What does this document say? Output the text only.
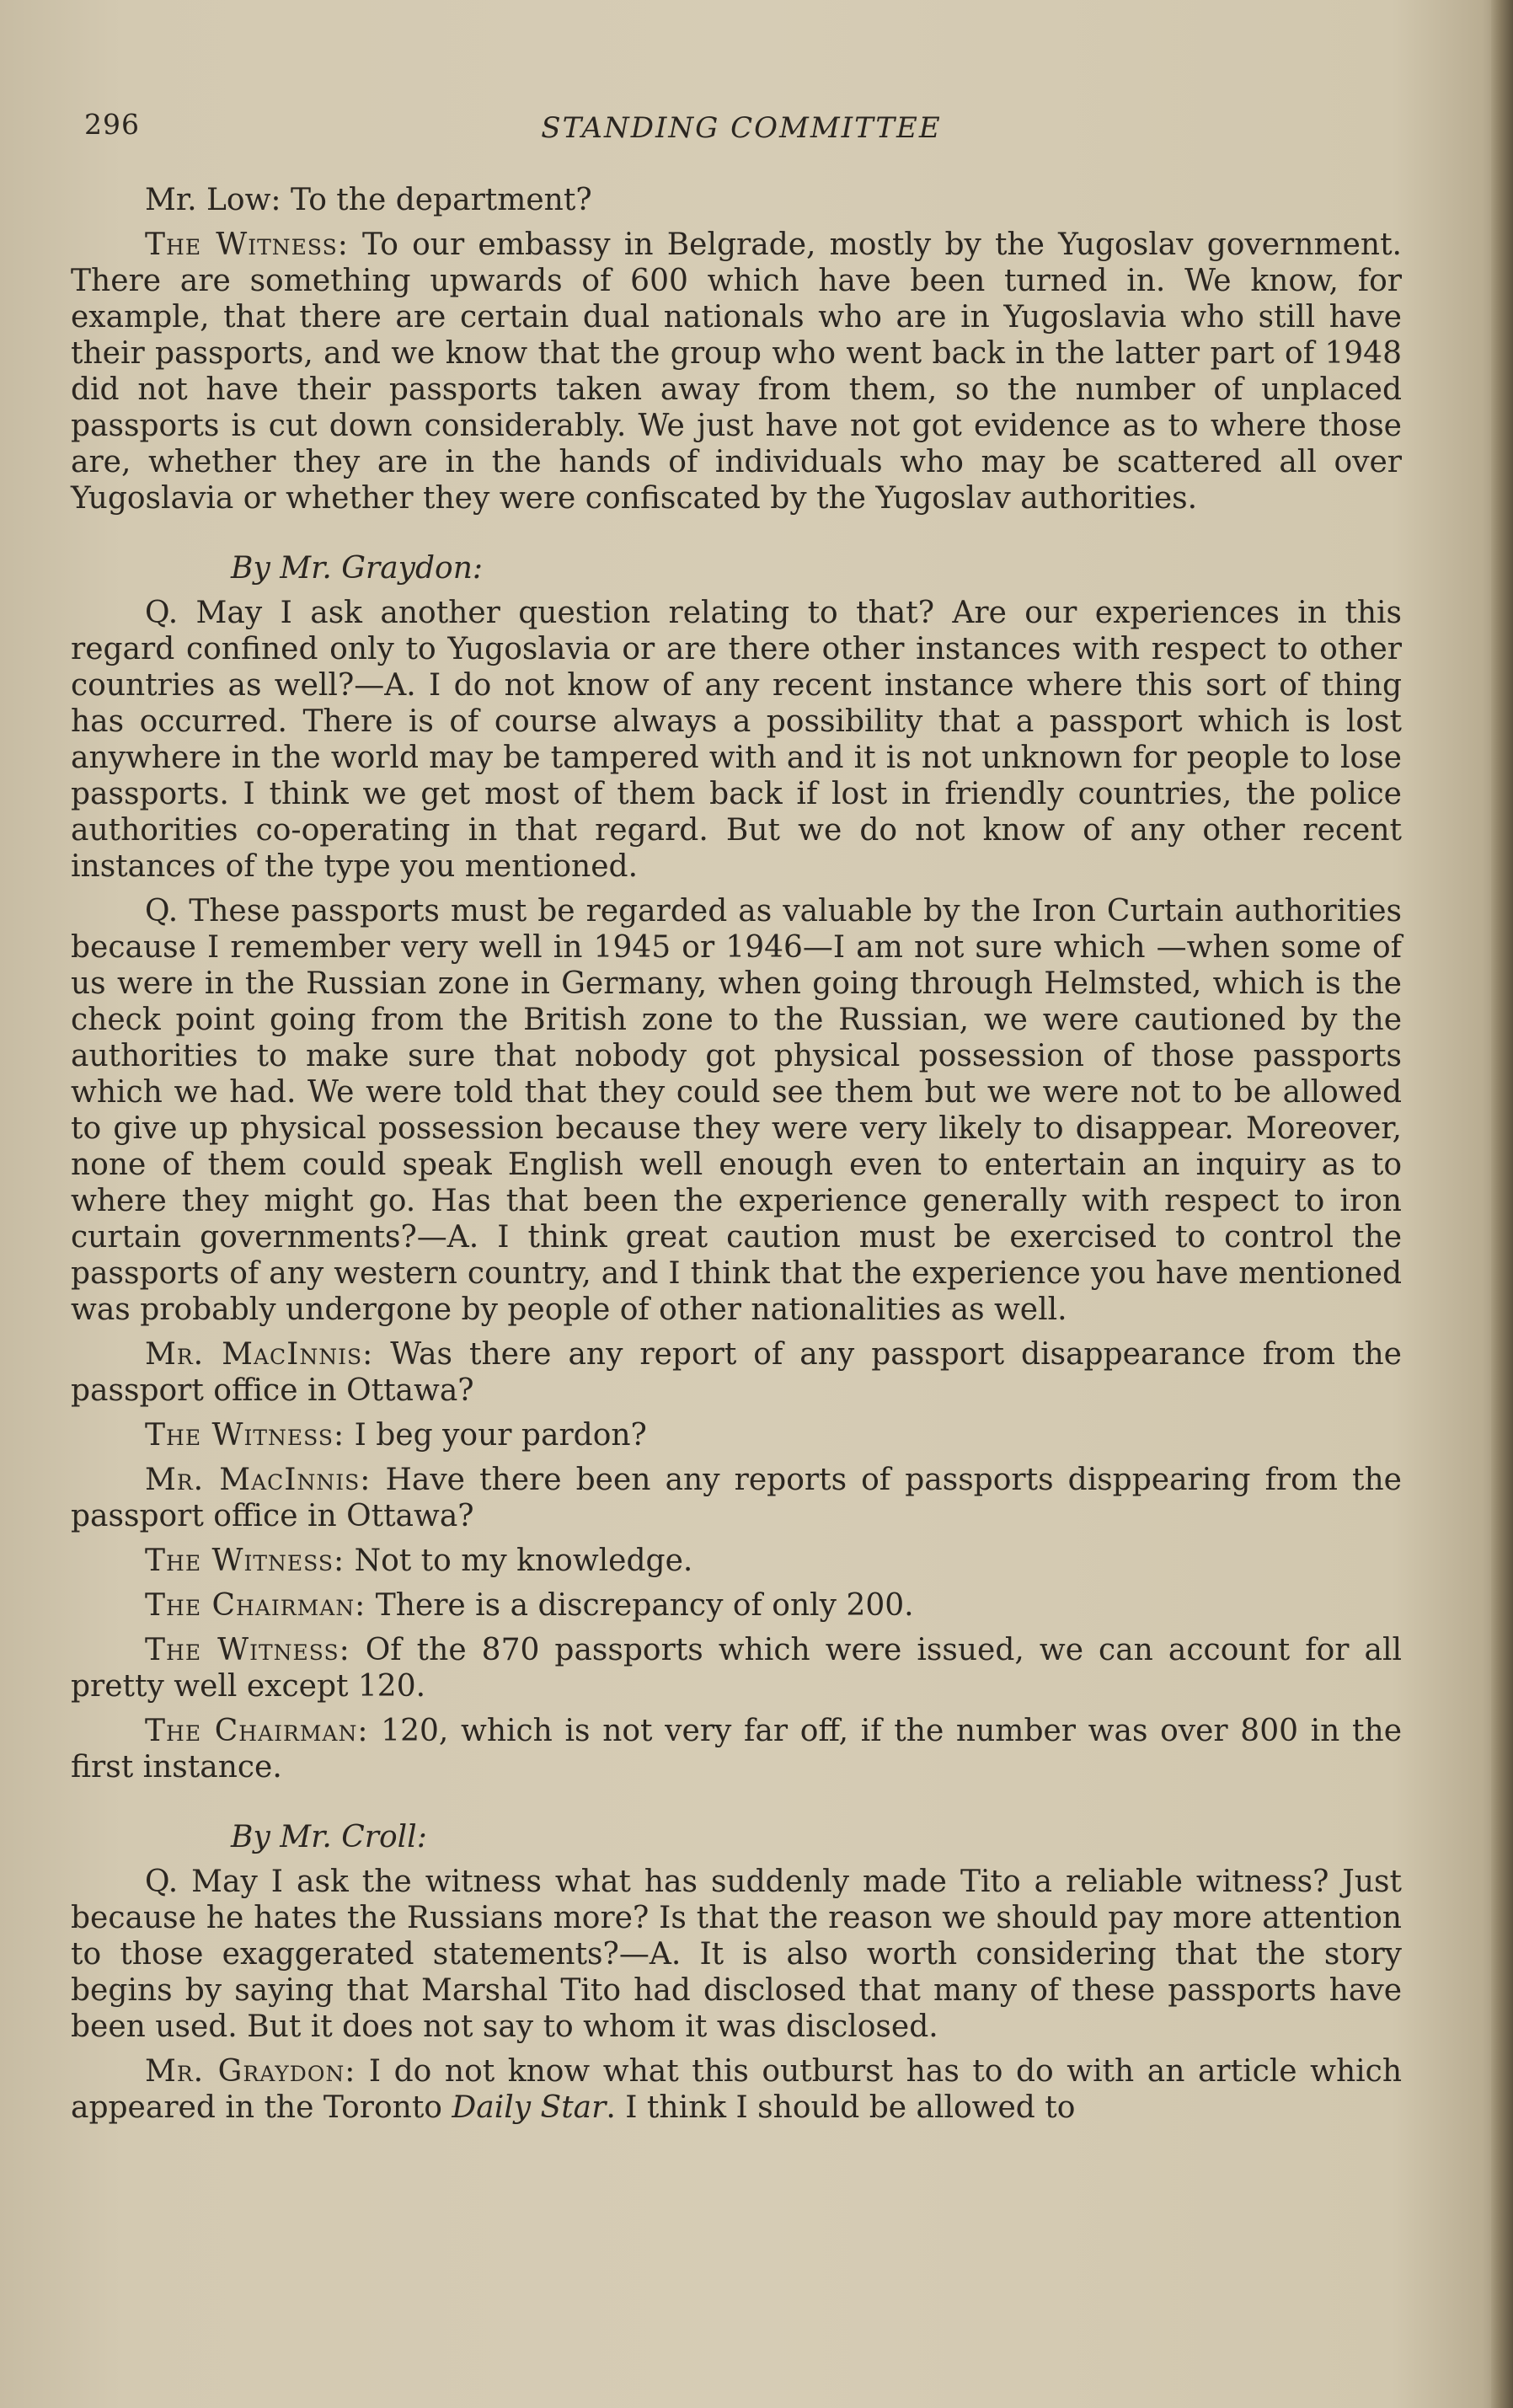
296	STANDING COMMITTEE

Mr. Low: To the department?

The Witness: To our embassy in Belgrade, mostly by the Yugoslav government. There are something upwards of 600 which have been turned in. We know, for example, that there are certain dual nationals who are in Yugoslavia who still have their passports, and we know that the group who went back in the latter part of 1948 did not have their passports taken away from them, so the number of unplaced passports is cut down considerably. We just have not got evidence as to where those are, whether they are in the hands of individuals who may be scattered all over Yugoslavia or whether they were confiscated by the Yugoslav authorities.

By Mr. Graydon:

Q. May I ask another question relating to that? Are our experiences in this regard confined only to Yugoslavia or are there other instances with respect to other countries as well?—A. I do not know of any recent instance where this sort of thing has occurred. There is of course always a possibility that a passport which is lost anywhere in the world may be tampered with and it is not unknown for people to lose passports. I think we get most of them back if lost in friendly countries, the police authorities co-operating in that regard. But we do not know of any other recent instances of the type you mentioned.

Q. These passports must be regarded as valuable by the Iron Curtain authorities because I remember very well in 1945 or 1946—I am not sure which —when some of us were in the Russian zone in Germany, when going through Helmsted, which is the check point going from the British zone to the Russian, we were cautioned by the authorities to make sure that nobody got physical possession of those passports which we had. We were told that they could see them but we were not to be allowed to give up physical possession because they were very likely to disappear. Moreover, none of them could speak English well enough even to entertain an inquiry as to where they might go. Has that been the experience generally with respect to iron curtain governments?—A. I think great caution must be exercised to control the passports of any western country, and I think that the experience you have mentioned was probably undergone by people of other nationalities as well.

Mr. MacInnis: Was there any report of any passport disappearance from the passport office in Ottawa?

The Witness: I beg your pardon?

Mr. MacInnis: Have there been any reports of passports disppearing from the passport office in Ottawa?

The Witness: Not to my knowledge.

The Chairman: There is a discrepancy of only 200.

The Witness: Of the 870 passports which were issued, we can account for all pretty well except 120.

The Chairman: 120, which is not very far off, if the number was over 800 in the first instance.

By Mr. Croll:

Q. May I ask the witness what has suddenly made Tito a reliable witness? Just because he hates the Russians more? Is that the reason we should pay more attention to those exaggerated statements?—A. It is also worth considering that the story begins by saying that Marshal Tito had disclosed that many of these passports have been used. But it does not say to whom it was disclosed.

Mr. Graydon: I do not know what this outburst has to do with an article which appeared in the Toronto Daily Star. I think I should be allowed to
